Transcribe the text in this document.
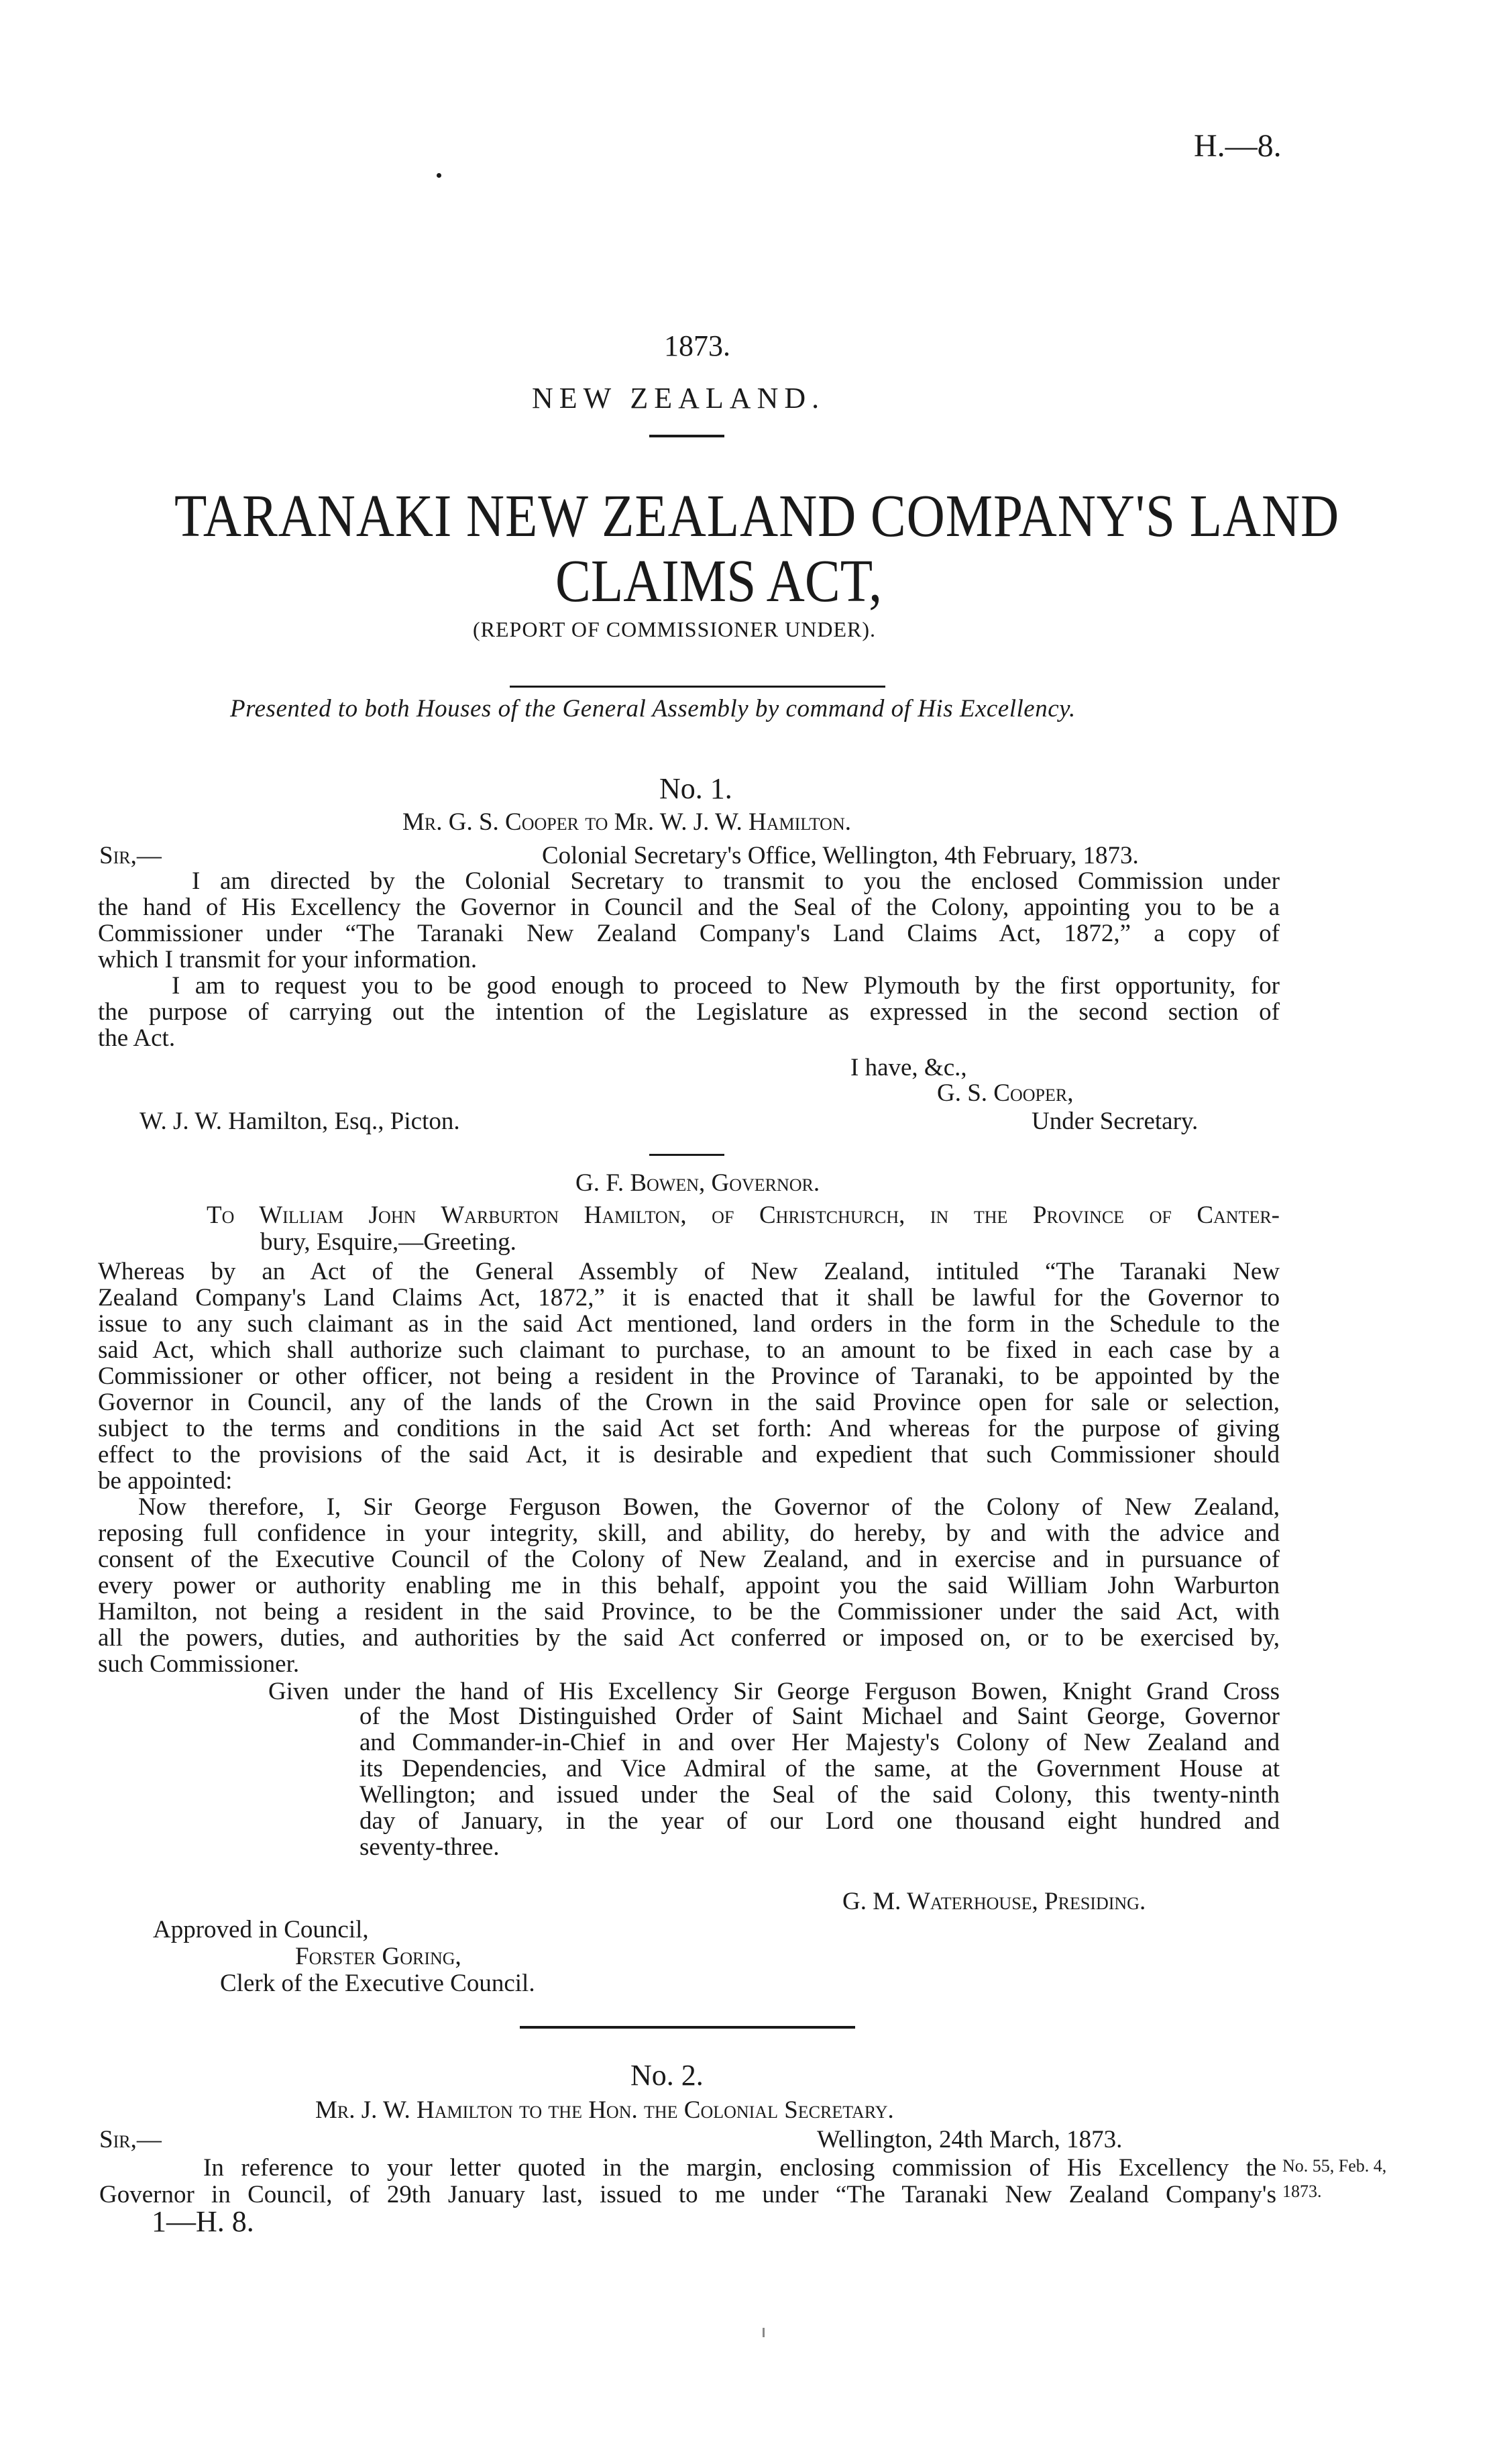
H.—8.
1873.
NEW ZEALAND.
TARANAKI NEW ZEALAND COMPANY'S LAND
CLAIMS ACT,
(REPORT OF COMMISSIONER UNDER).
Presented to both Houses of the General Assembly by command of His Excellency.
No. 1.
Mr. G. S. Cooper to Mr. W. J. W. Hamilton.
Sir,—	Colonial Secretary's Office, Wellington, 4th February, 1873.
I am directed by the Colonial Secretary to transmit to you the enclosed Commission under
the hand of His Excellency the Governor in Council and the Seal of the Colony, appointing you to be a
Commissioner under “The Taranaki New Zealand Company's Land Claims Act, 1872,” a copy of
which I transmit for your information.
I am to request you to be good enough to proceed to New Plymouth by the first opportunity, for
the purpose of carrying out the intention of the Legislature as expressed in the second section of
the Act.
I have, &c.,
G. S. Cooper,
W. J. W. Hamilton, Esq., Picton.	Under Secretary.
G. F. Bowen, Governor.
To William John Warburton Hamilton, of Christchurch, in the Province of Canter-
bury, Esquire,—Greeting.
Whereas by an Act of the General Assembly of New Zealand, intituled “The Taranaki New
Zealand Company's Land Claims Act, 1872,” it is enacted that it shall be lawful for the Governor to
issue to any such claimant as in the said Act mentioned, land orders in the form in the Schedule to the
said Act, which shall authorize such claimant to purchase, to an amount to be fixed in each case by a
Commissioner or other officer, not being a resident in the Province of Taranaki, to be appointed by the
Governor in Council, any of the lands of the Crown in the said Province open for sale or selection,
subject to the terms and conditions in the said Act set forth: And whereas for the purpose of giving
effect to the provisions of the said Act, it is desirable and expedient that such Commissioner should
be appointed:
Now therefore, I, Sir George Ferguson Bowen, the Governor of the Colony of New Zealand,
reposing full confidence in your integrity, skill, and ability, do hereby, by and with the advice and
consent of the Executive Council of the Colony of New Zealand, and in exercise and in pursuance of
every power or authority enabling me in this behalf, appoint you the said William John Warburton
Hamilton, not being a resident in the said Province, to be the Commissioner under the said Act, with
all the powers, duties, and authorities by the said Act conferred or imposed on, or to be exercised by,
such Commissioner.
Given under the hand of His Excellency Sir George Ferguson Bowen, Knight Grand Cross
of the Most Distinguished Order of Saint Michael and Saint George, Governor
and Commander-in-Chief in and over Her Majesty's Colony of New Zealand and
its Dependencies, and Vice Admiral of the same, at the Government House at
Wellington; and issued under the Seal of the said Colony, this twenty-ninth
day of January, in the year of our Lord one thousand eight hundred and
seventy-three.
G. M. Waterhouse, Presiding.
Approved in Council,
Forster Goring,
Clerk of the Executive Council.
No. 2.
Mr. J. W. Hamilton to the Hon. the Colonial Secretary.
Sir,—	Wellington, 24th March, 1873.
In reference to your letter quoted in the margin, enclosing commission of His Excellency the
Governor in Council, of 29th January last, issued to me under “The Taranaki New Zealand Company's
No. 55, Feb. 4,
1873.
1—H. 8.
